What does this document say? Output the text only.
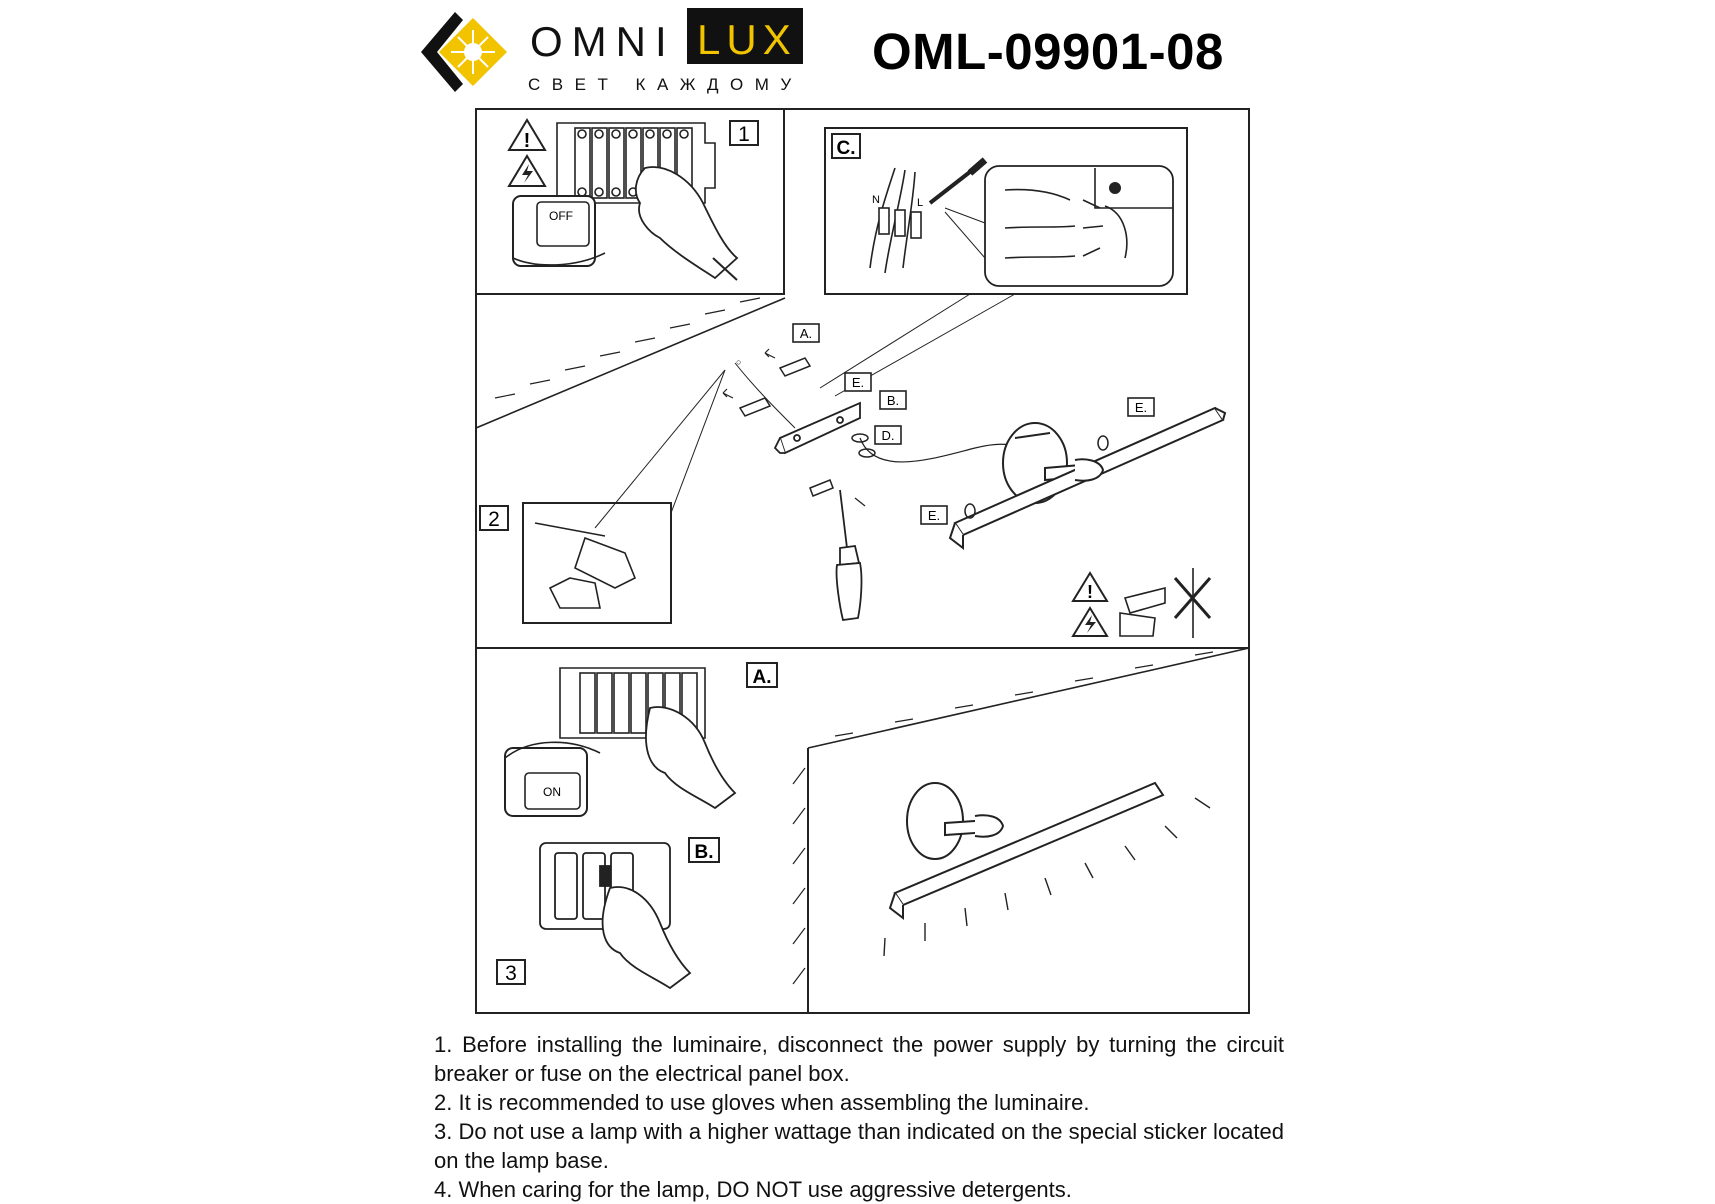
OMNI LUX
СВЕТ КАЖДОМУ
OML-09901-08
1
!
OFF
C.
N	L
2
○
A.
E.
B.
D.
E.
E.
!
A.
ON
B.
3

1. Before installing the luminaire, disconnect the power supply by turning the circuit breaker or fuse on the electrical panel box.

2. It is recommended to use gloves when assembling the luminaire.

3. Do not use a lamp with a higher wattage than indicated on the special sticker located on the lamp base.

4. When caring for the lamp, DO NOT use aggressive detergents.
